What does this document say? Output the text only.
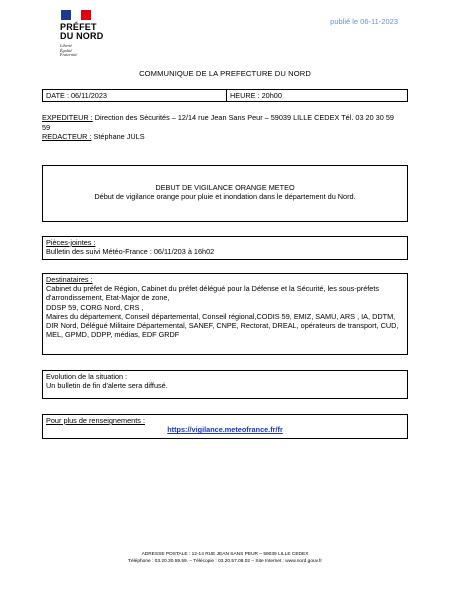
PRÉFET
DU NORD
Liberté
Égalité
Fraternité
publié le 06-11-2023
COMMUNIQUE DE LA PREFECTURE DU NORD
DATE : 06/11/2023	HEURE : 20h00
EXPEDITEUR : Direction des Sécurités – 12/14 rue Jean Sans Peur – 59039 LILLE CEDEX Tél. 03 20 30 59 59
REDACTEUR : Stéphane JULS
DEBUT DE VIGILANCE ORANGE METEO
Début de vigilance orange pour pluie et inondation dans le département du Nord.
Pièces-jointes :
Bulletin des suivi Météo-France : 06/11/203 à 16h02
Destinataires :
Cabinet du préfet de Région, Cabinet du préfet délégué pour la Défense et la Sécurité, les sous-préfets d'arrondissement, Etat-Major de zone,
DDSP 59, CORG Nord, CRS ,
Maires du département, Conseil départemental, Conseil régional,CODIS 59, EMIZ, SAMU, ARS , IA, DDTM, DIR Nord, Délégué Militaire Départemental, SANEF, CNPE, Rectorat, DREAL, opérateurs de transport, CUD, MEL, GPMD, DDPP, médias, EDF GRDF
Evolution de la situation :
Un bulletin de fin d'alerte sera diffusé.
Pour plus de renseignements :
https://vigilance.meteofrance.fr/fr
ADRESSE POSTALE : 12-14 RUE JEAN SANS PEUR – 59039 LILLE CEDEX
Téléphone : 03.20.30.59.59. – Télécopie : 03.20.57.08.02 – Site Internet : www.nord.gouv.fr
